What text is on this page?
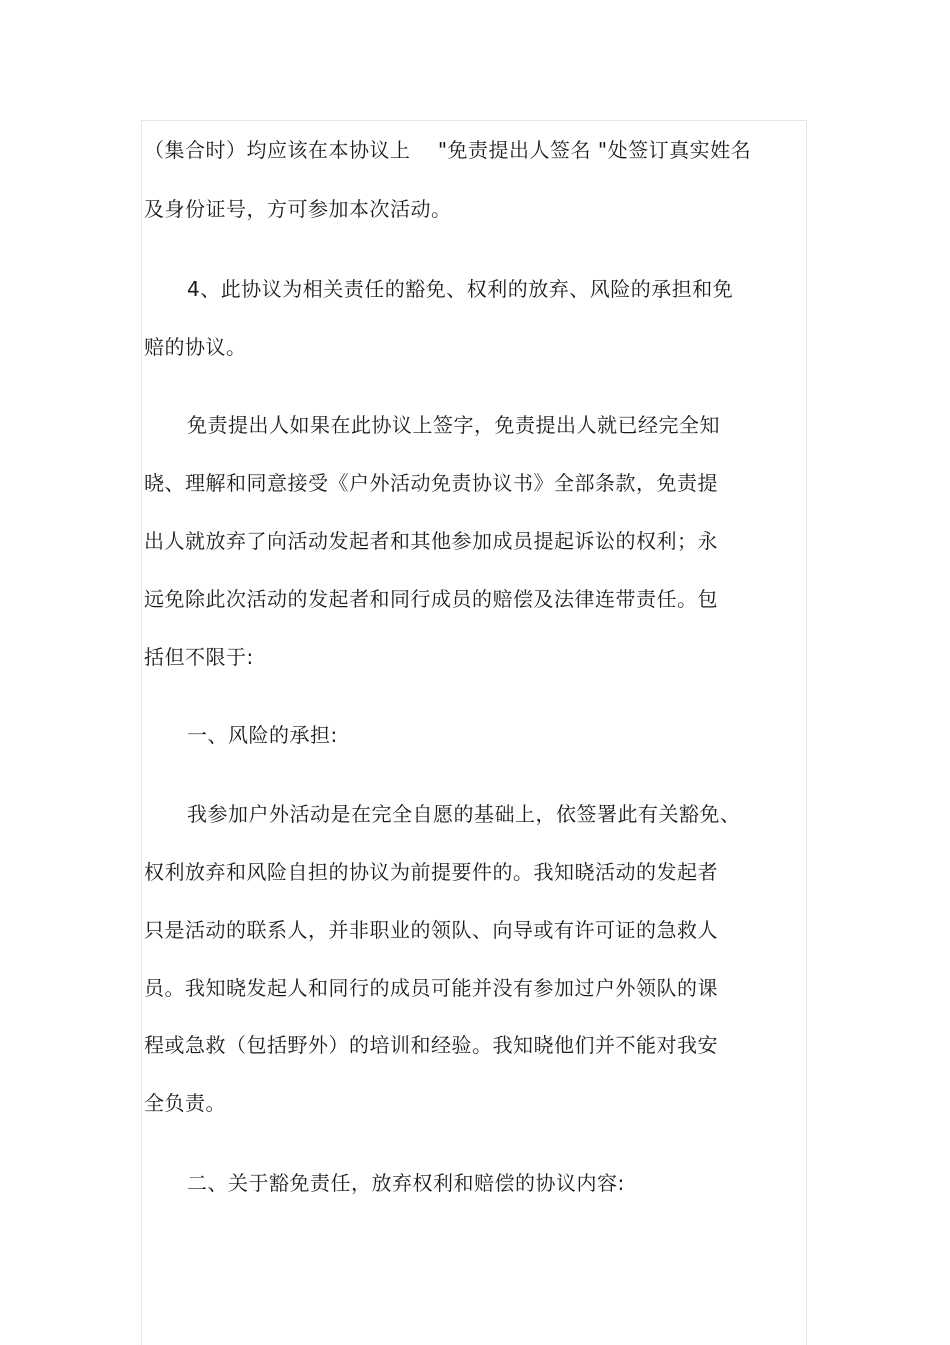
（集合时）均应该在本协议上　 "免责提出人签名 "处签订真实姓名
及身份证号，方可参加本次活动。
4、此协议为相关责任的豁免、权利的放弃、风险的承担和免
赔的协议。
免责提出人如果在此协议上签字，免责提出人就已经完全知
晓、理解和同意接受《户外活动免责协议书》全部条款，免责提
出人就放弃了向活动发起者和其他参加成员提起诉讼的权利；永
远免除此次活动的发起者和同行成员的赔偿及法律连带责任。包
括但不限于:
一、风险的承担:
我参加户外活动是在完全自愿的基础上，依签署此有关豁免、
权利放弃和风险自担的协议为前提要件的。我知晓活动的发起者
只是活动的联系人，并非职业的领队、向导或有许可证的急救人
员。我知晓发起人和同行的成员可能并没有参加过户外领队的课
程或急救（包括野外）的培训和经验。我知晓他们并不能对我安
全负责。
二、关于豁免责任，放弃权利和赔偿的协议内容:
